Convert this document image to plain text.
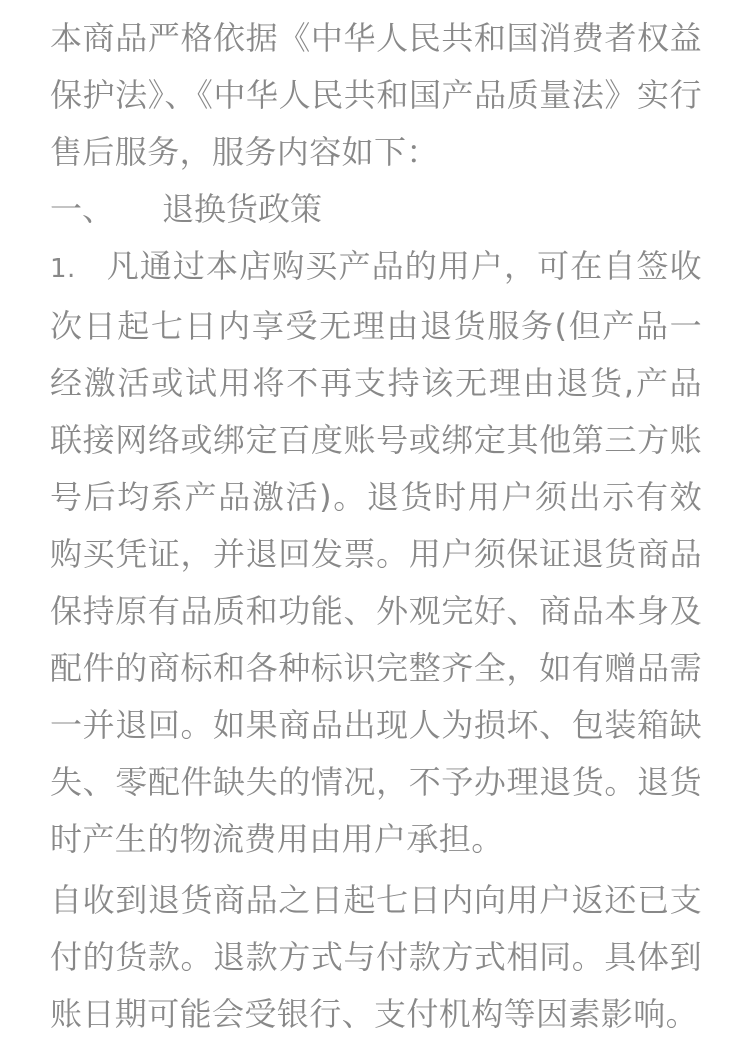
本商品严格依据《中华人民共和国消费者权益保护法》、《中华人民共和国产品质量法》实行售后服务，服务内容如下：

一、	退换货政策

1. 凡通过本店购买产品的用户，可在自签收次日起七日内享受无理由退货服务(但产品一经激活或试用将不再支持该无理由退货,产品联接网络或绑定百度账号或绑定其他第三方账号后均系产品激活)。退货时用户须出示有效购买凭证，并退回发票。用户须保证退货商品保持原有品质和功能、外观完好、商品本身及配件的商标和各种标识完整齐全，如有赠品需一并退回。如果商品出现人为损坏、包装箱缺失、零配件缺失的情况，不予办理退货。退货时产生的物流费用由用户承担。

自收到退货商品之日起七日内向用户返还已支付的货款。退款方式与付款方式相同。具体到账日期可能会受银行、支付机构等因素影响。
